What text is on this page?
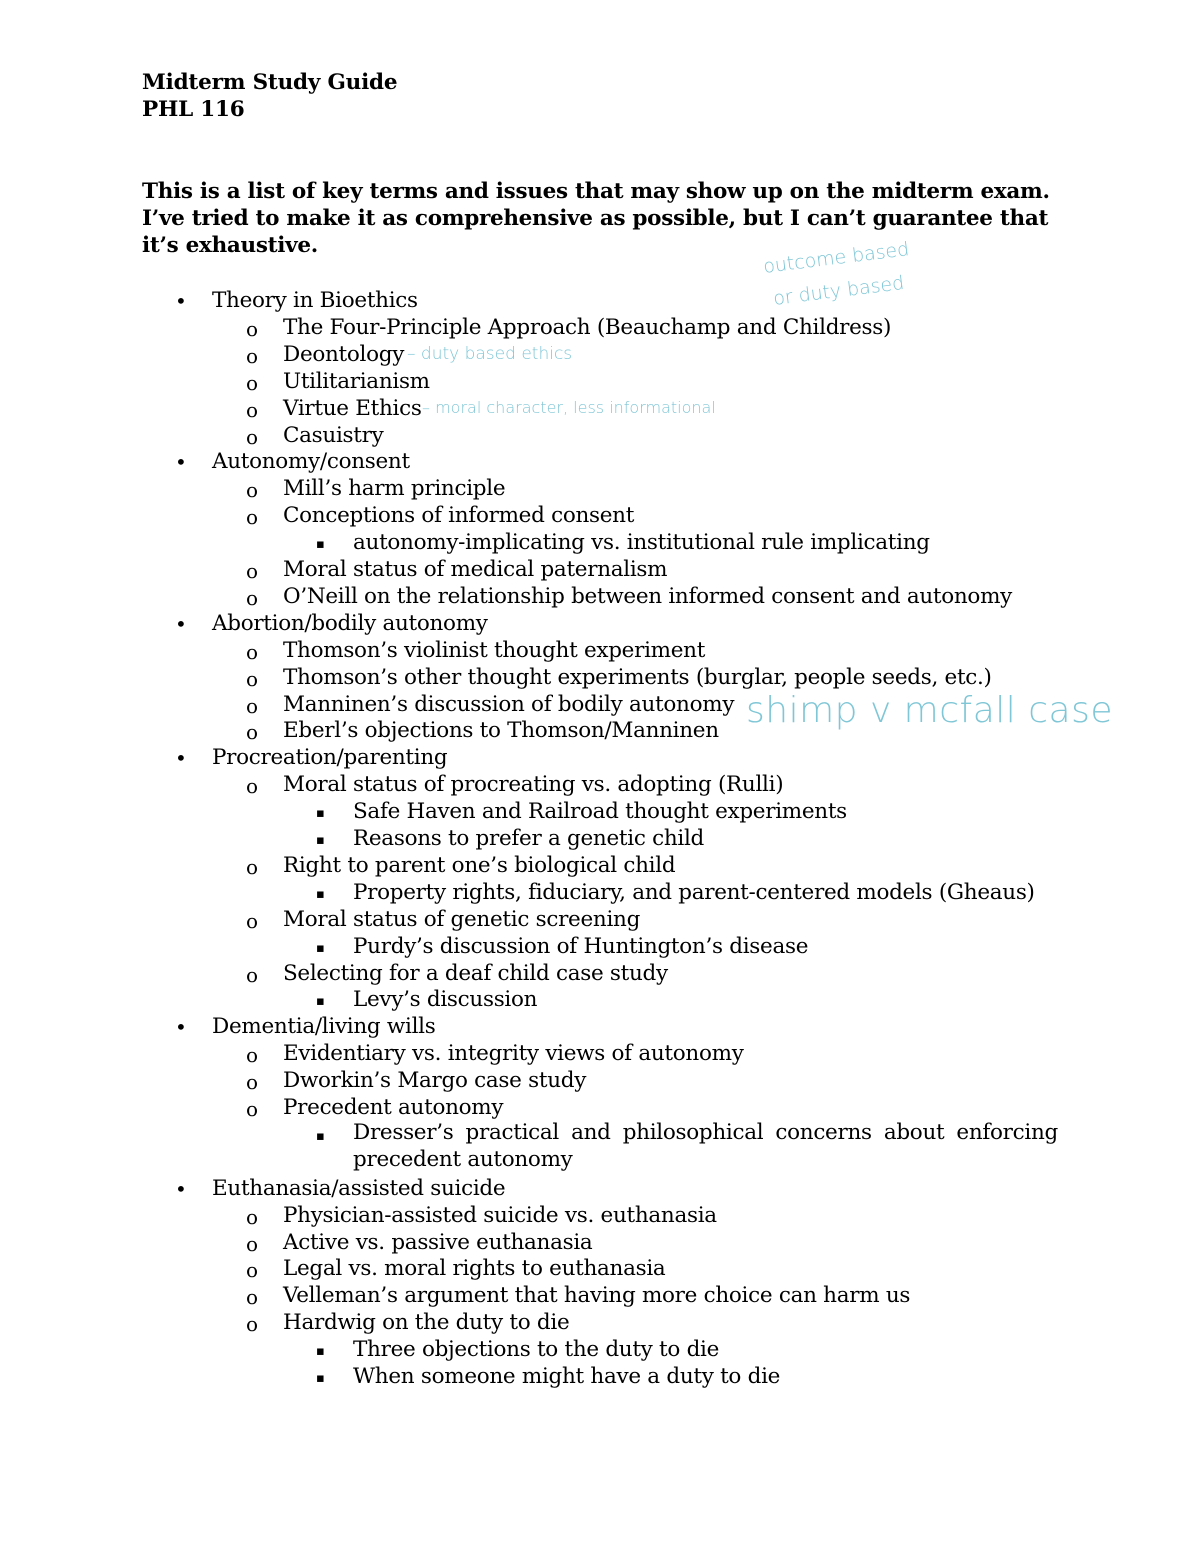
Midterm Study Guide
PHL 116
This is a list of key terms and issues that may show up on the midterm exam. I’ve tried to make it as comprehensive as possible, but I can’t guarantee that it’s exhaustive.
• Theory in Bioethics
o The Four-Principle Approach (Beauchamp and Childress)
o Deontology
o Utilitarianism
o Virtue Ethics
o Casuistry
• Autonomy/consent
o Mill’s harm principle
o Conceptions of informed consent
▪ autonomy-implicating vs. institutional rule implicating
o Moral status of medical paternalism
o O’Neill on the relationship between informed consent and autonomy
• Abortion/bodily autonomy
o Thomson’s violinist thought experiment
o Thomson’s other thought experiments (burglar, people seeds, etc.)
o Manninen’s discussion of bodily autonomy
o Eberl’s objections to Thomson/Manninen
• Procreation/parenting
o Moral status of procreating vs. adopting (Rulli)
▪ Safe Haven and Railroad thought experiments
▪ Reasons to prefer a genetic child
o Right to parent one’s biological child
▪ Property rights, fiduciary, and parent-centered models (Gheaus)
o Moral status of genetic screening
▪ Purdy’s discussion of Huntington’s disease
o Selecting for a deaf child case study
▪ Levy’s discussion
• Dementia/living wills
o Evidentiary vs. integrity views of autonomy
o Dworkin’s Margo case study
o Precedent autonomy
▪ Dresser’s practical and philosophical concerns about enforcing precedent autonomy
• Euthanasia/assisted suicide
o Physician-assisted suicide vs. euthanasia
o Active vs. passive euthanasia
o Legal vs. moral rights to euthanasia
o Velleman’s argument that having more choice can harm us
o Hardwig on the duty to die
▪ Three objections to the duty to die
▪ When someone might have a duty to die
outcome based
or duty based
– duty based ethics
– moral character, less informational
shimp v mcfall case
